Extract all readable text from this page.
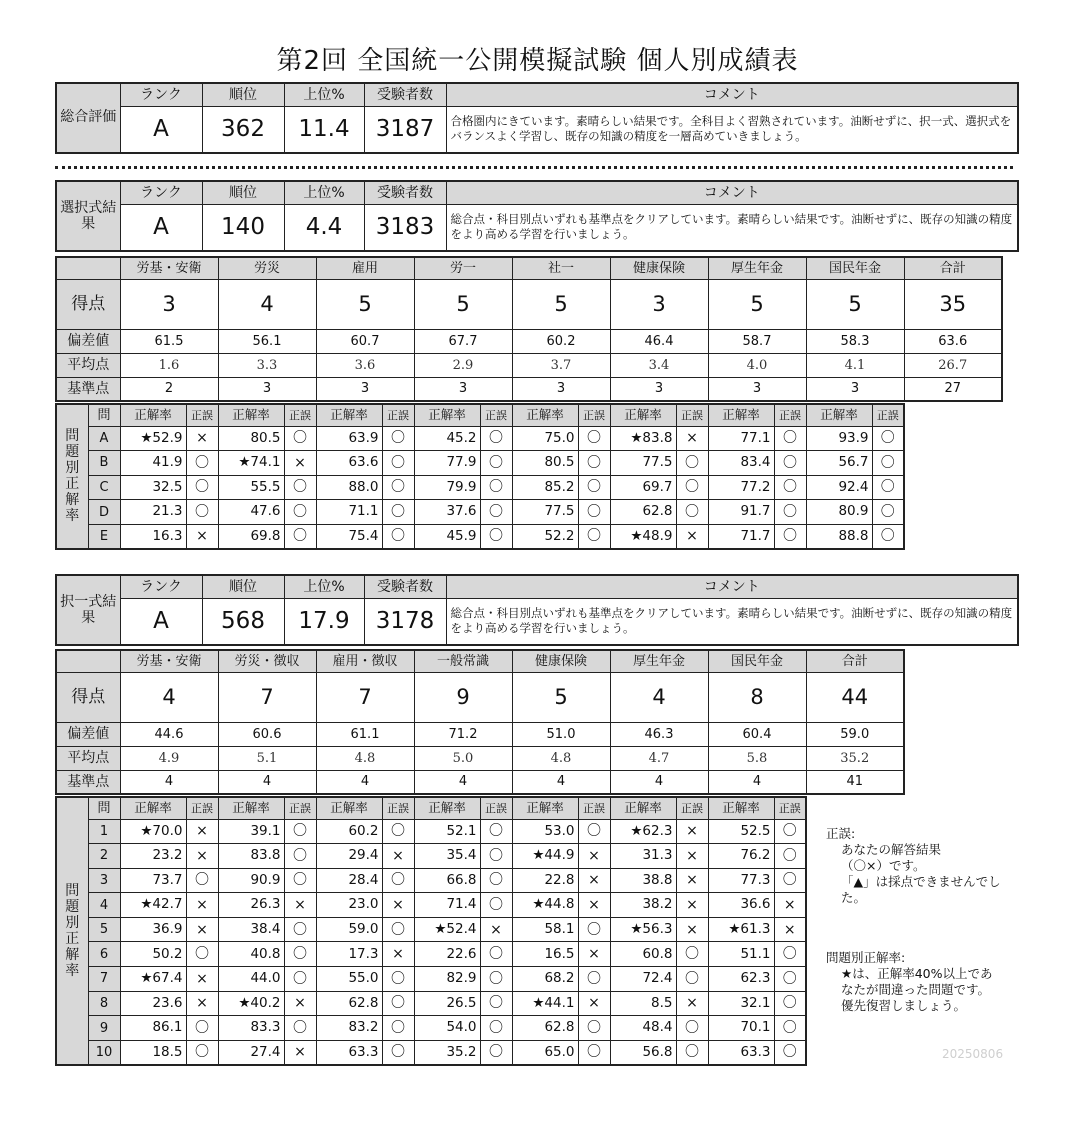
第2回 全国統一公開模擬試験 個人別成績表
総合評価	ランク	順位	上位%	受験者数	コメント
	A	362	11.4	3187	合格圏内にきています。素晴らしい結果です。全科目よく習熟されています。油断せずに、択一式、選択式をバランスよく学習し、既存の知識の精度を一層高めていきましょう。
選択式結果	ランク	順位	上位%	受験者数	コメント
	A	140	4.4	3183	総合点・科目別点いずれも基準点をクリアしています。素晴らしい結果です。油断せずに、既存の知識の精度をより高める学習を行いましょう。
	労基・安衛	労災	雇用	労一	社一	健康保険	厚生年金	国民年金	合計
得点	3	4	5	5	5	3	5	5	35
偏差値	61.5	56.1	60.7	67.7	60.2	46.4	58.7	58.3	63.6
平均点	1.6	3.3	3.6	2.9	3.7	3.4	4.0	4.1	26.7
基準点	2	3	3	3	3	3	3	3	27
問題別正解率	問	正解率	正誤	正解率	正誤	正解率	正誤	正解率	正誤	正解率	正誤	正解率	正誤	正解率	正誤	正解率	正誤
	A	★52.9	×	80.5	〇	63.9	〇	45.2	〇	75.0	〇	★83.8	×	77.1	〇	93.9	〇
	B	41.9	〇	★74.1	×	63.6	〇	77.9	〇	80.5	〇	77.5	〇	83.4	〇	56.7	〇
	C	32.5	〇	55.5	〇	88.0	〇	79.9	〇	85.2	〇	69.7	〇	77.2	〇	92.4	〇
	D	21.3	〇	47.6	〇	71.1	〇	37.6	〇	77.5	〇	62.8	〇	91.7	〇	80.9	〇
	E	16.3	×	69.8	〇	75.4	〇	45.9	〇	52.2	〇	★48.9	×	71.7	〇	88.8	〇
択一式結果	ランク	順位	上位%	受験者数	コメント
	A	568	17.9	3178	総合点・科目別点いずれも基準点をクリアしています。素晴らしい結果です。油断せずに、既存の知識の精度をより高める学習を行いましょう。
	労基・安衛	労災・徴収	雇用・徴収	一般常識	健康保険	厚生年金	国民年金	合計
得点	4	7	7	9	5	4	8	44
偏差値	44.6	60.6	61.1	71.2	51.0	46.3	60.4	59.0
平均点	4.9	5.1	4.8	5.0	4.8	4.7	5.8	35.2
基準点	4	4	4	4	4	4	4	41
問題別正解率	問	正解率	正誤	正解率	正誤	正解率	正誤	正解率	正誤	正解率	正誤	正解率	正誤	正解率	正誤
	1	★70.0	×	39.1	〇	60.2	〇	52.1	〇	53.0	〇	★62.3	×	52.5	〇
	2	23.2	×	83.8	〇	29.4	×	35.4	〇	★44.9	×	31.3	×	76.2	〇
	3	73.7	〇	90.9	〇	28.4	〇	66.8	〇	22.8	×	38.8	×	77.3	〇
	4	★42.7	×	26.3	×	23.0	×	71.4	〇	★44.8	×	38.2	×	36.6	×
	5	36.9	×	38.4	〇	59.0	〇	★52.4	×	58.1	〇	★56.3	×	★61.3	×
	6	50.2	〇	40.8	〇	17.3	×	22.6	〇	16.5	×	60.8	〇	51.1	〇
	7	★67.4	×	44.0	〇	55.0	〇	82.9	〇	68.2	〇	72.4	〇	62.3	〇
	8	23.6	×	★40.2	×	62.8	〇	26.5	〇	★44.1	×	8.5	×	32.1	〇
	9	86.1	〇	83.3	〇	83.2	〇	54.0	〇	62.8	〇	48.4	〇	70.1	〇
	10	18.5	〇	27.4	×	63.3	〇	35.2	〇	65.0	〇	56.8	〇	63.3	〇
正誤:
あなたの解答結果
（〇×）です。
「▲」は採点できませんでし
た。
問題別正解率:
★は、正解率40%以上であ
なたが間違った問題です。
優先復習しましょう。
20250806
